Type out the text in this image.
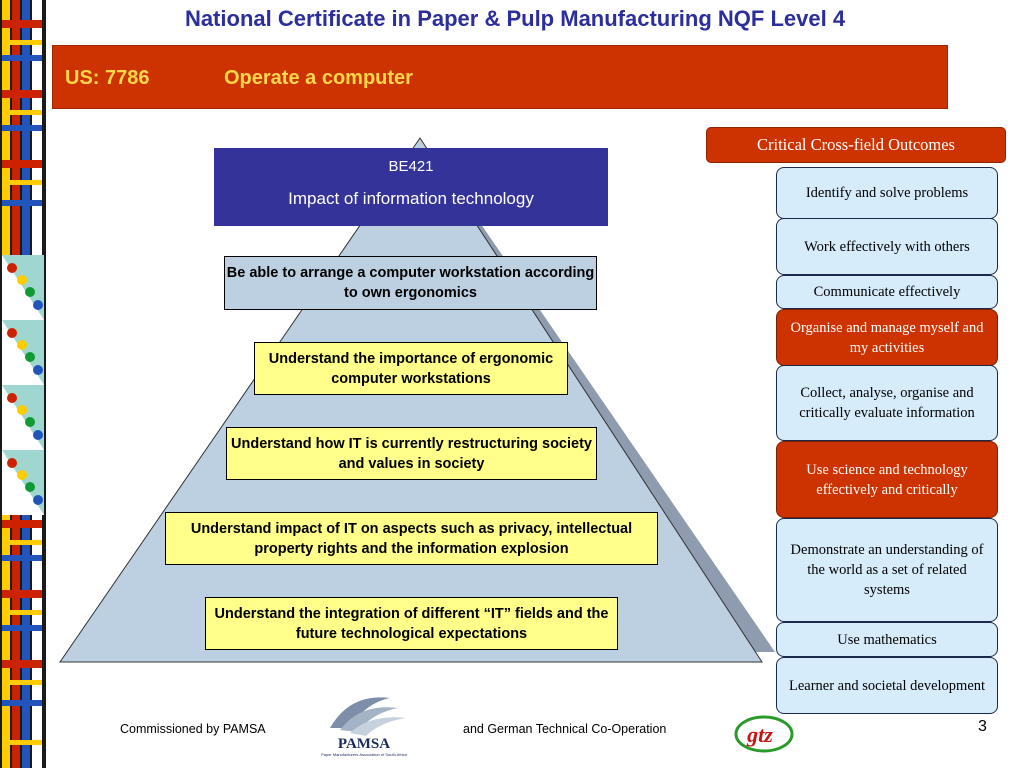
National Certificate in Paper & Pulp Manufacturing NQF Level 4
US: 7786	Operate a computer
BE421
Impact of information technology
Be able to arrange a computer workstation according to own ergonomics
Understand the importance of ergonomic computer workstations
Understand how IT is currently restructuring society and values in society
Understand impact of IT on aspects such as privacy, intellectual property rights and the information explosion
Understand the integration of different “IT” fields and the future technological expectations
Critical Cross-field Outcomes
Identify and solve problems
Work effectively with others
Communicate effectively
Organise and manage myself and my activities
Collect, analyse, organise and critically evaluate information
Use science and technology effectively and critically
Demonstrate an understanding of the world as a set of related systems
Use mathematics
Learner and societal development
Commissioned by PAMSA
PAMSA
Paper Manufacturers Association of South Africa
and German Technical Co-Operation	gtz	3
